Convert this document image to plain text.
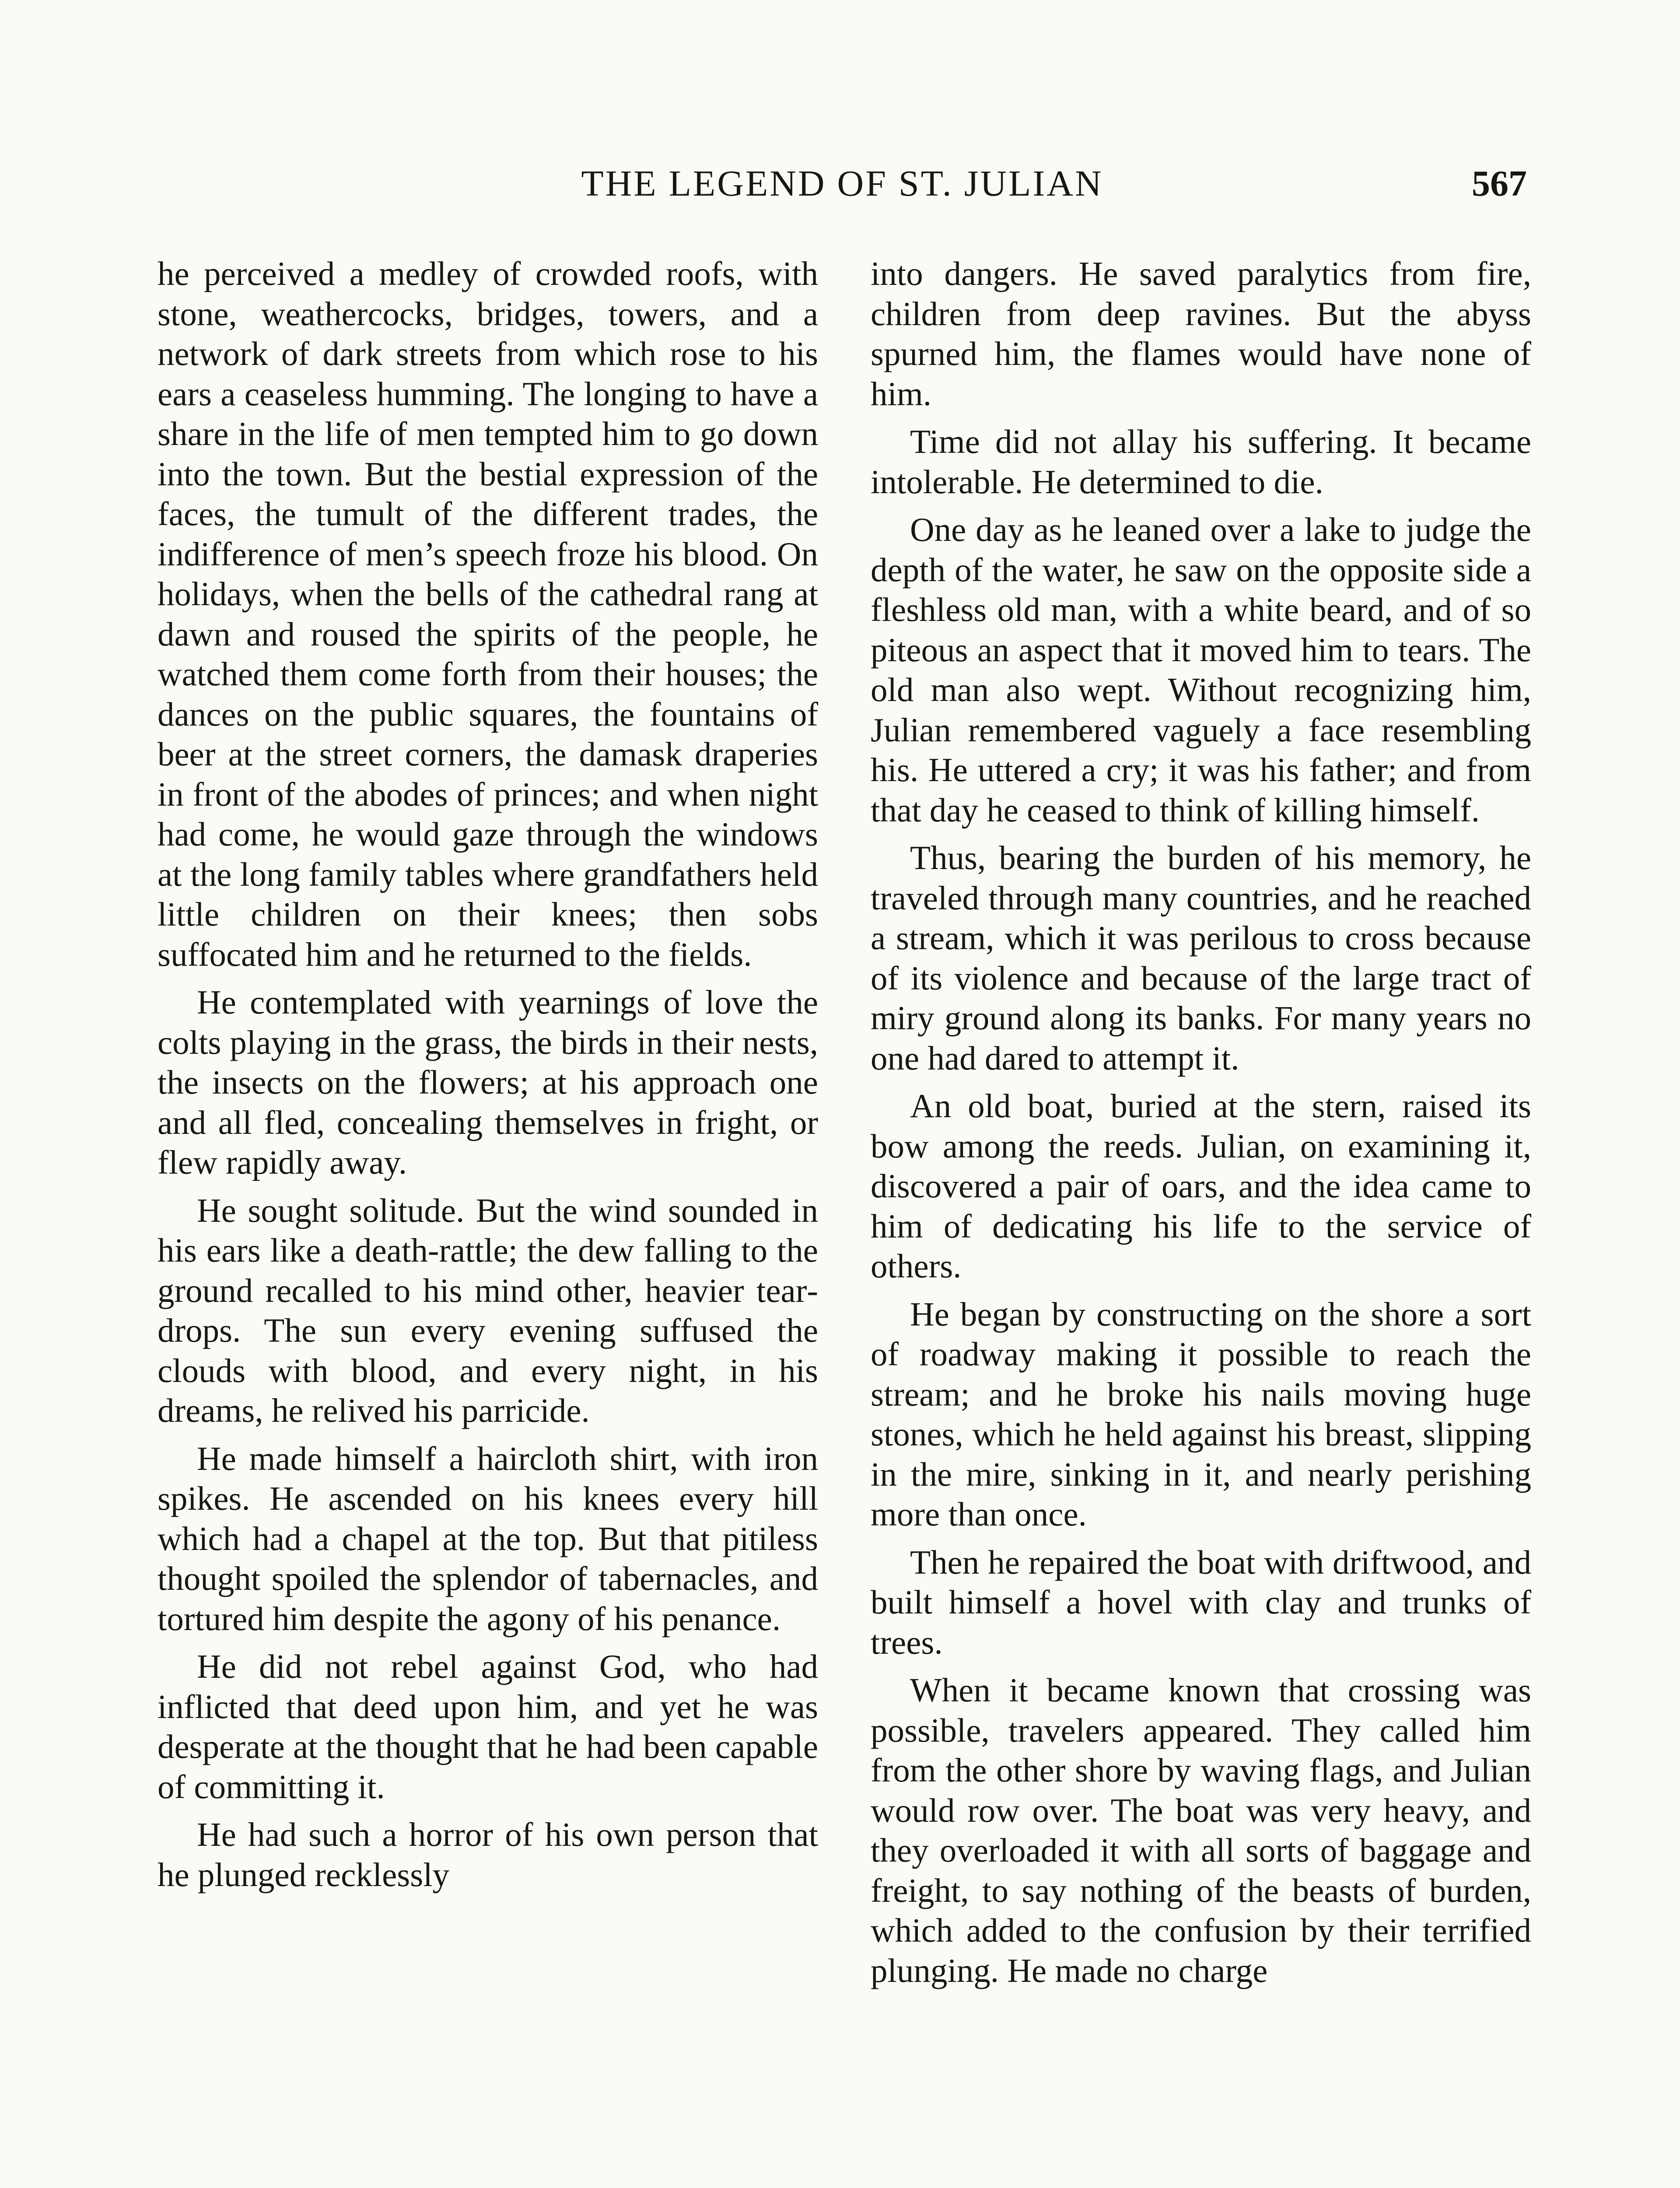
THE LEGEND OF ST. JULIAN	567

he perceived a medley of crowded roofs, with stone, weathercocks, bridges, towers, and a network of dark streets from which rose to his ears a ceaseless humming. The longing to have a share in the life of men tempted him to go down into the town. But the bestial expression of the faces, the tumult of the different trades, the indifference of men’s speech froze his blood. On holidays, when the bells of the cathedral rang at dawn and roused the spirits of the people, he watched them come forth from their houses; the dances on the public squares, the fountains of beer at the street corners, the damask draperies in front of the abodes of princes; and when night had come, he would gaze through the windows at the long family tables where grandfathers held little children on their knees; then sobs suffocated him and he returned to the fields.

He contemplated with yearnings of love the colts playing in the grass, the birds in their nests, the insects on the flowers; at his approach one and all fled, concealing themselves in fright, or flew rapidly away.

He sought solitude. But the wind sounded in his ears like a death-rattle; the dew falling to the ground recalled to his mind other, heavier teardrops. The sun every evening suffused the clouds with blood, and every night, in his dreams, he relived his parricide.

He made himself a haircloth shirt, with iron spikes. He ascended on his knees every hill which had a chapel at the top. But that pitiless thought spoiled the splendor of tabernacles, and tortured him despite the agony of his penance.

He did not rebel against God, who had inflicted that deed upon him, and yet he was desperate at the thought that he had been capable of committing it.

He had such a horror of his own person that he plunged recklessly

into dangers. He saved paralytics from fire, children from deep ravines. But the abyss spurned him, the flames would have none of him.

Time did not allay his suffering. It became intolerable. He determined to die.

One day as he leaned over a lake to judge the depth of the water, he saw on the opposite side a fleshless old man, with a white beard, and of so piteous an aspect that it moved him to tears. The old man also wept. Without recognizing him, Julian remembered vaguely a face resembling his. He uttered a cry; it was his father; and from that day he ceased to think of killing himself.

Thus, bearing the burden of his memory, he traveled through many countries, and he reached a stream, which it was perilous to cross because of its violence and because of the large tract of miry ground along its banks. For many years no one had dared to attempt it.

An old boat, buried at the stern, raised its bow among the reeds. Julian, on examining it, discovered a pair of oars, and the idea came to him of dedicating his life to the service of others.

He began by constructing on the shore a sort of roadway making it possible to reach the stream; and he broke his nails moving huge stones, which he held against his breast, slipping in the mire, sinking in it, and nearly perishing more than once.

Then he repaired the boat with driftwood, and built himself a hovel with clay and trunks of trees.

When it became known that crossing was possible, travelers appeared. They called him from the other shore by waving flags, and Julian would row over. The boat was very heavy, and they overloaded it with all sorts of baggage and freight, to say nothing of the beasts of burden, which added to the confusion by their terrified plunging. He made no charge
